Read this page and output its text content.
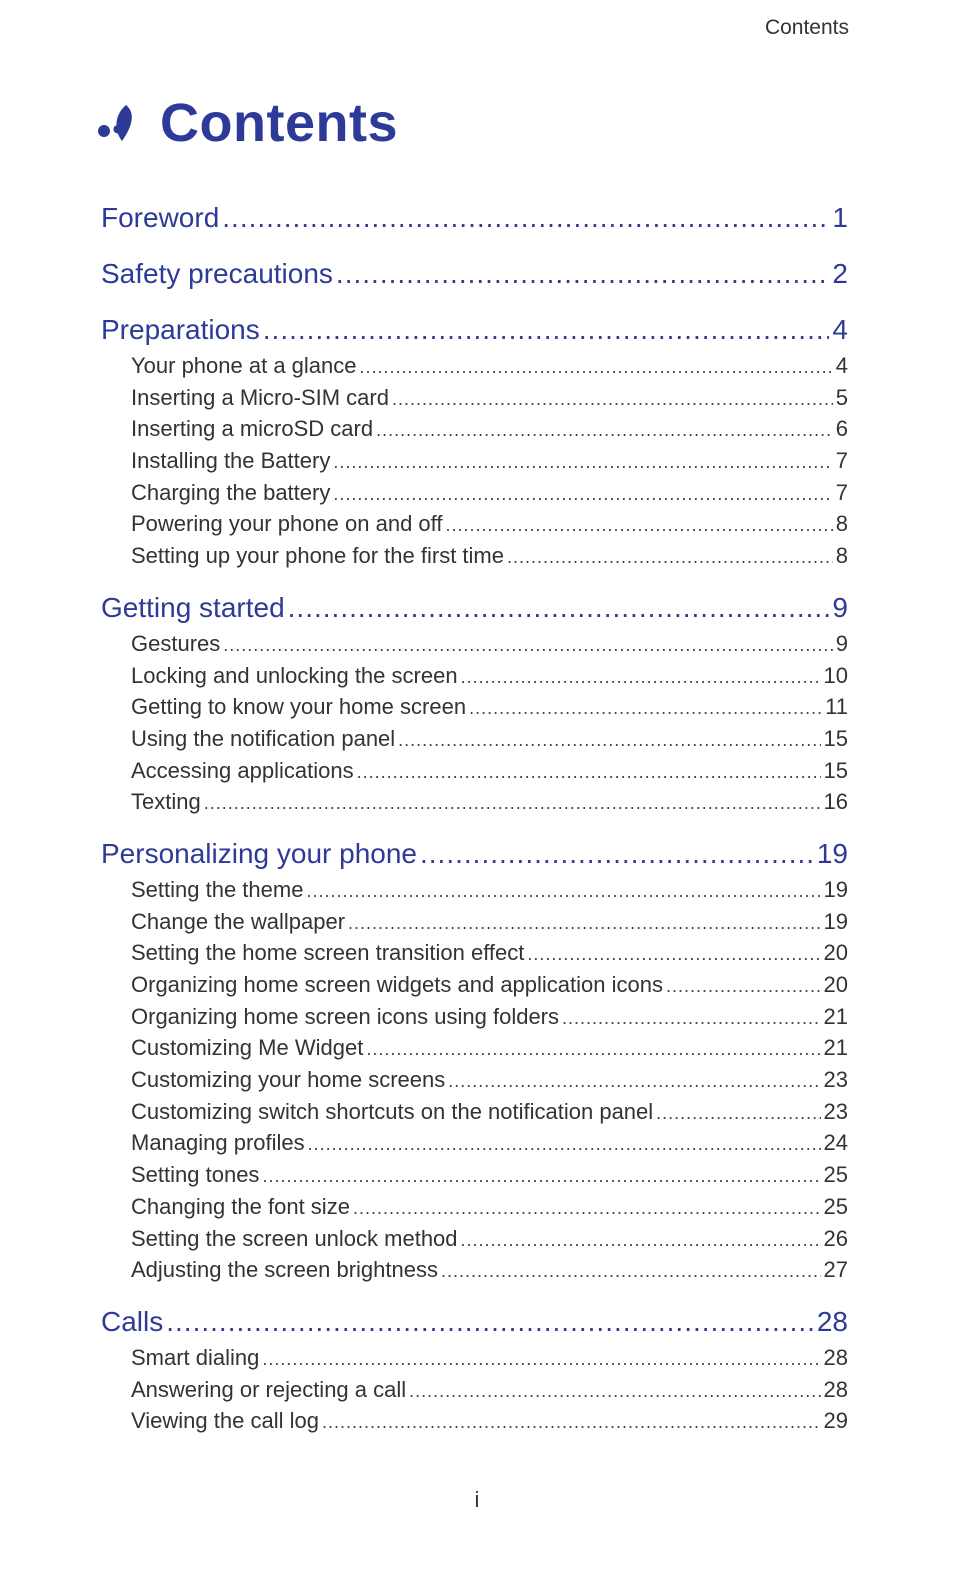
Contents
Contents
Foreword .....	1
Safety precautions .....	2
Preparations .....	4
Your phone at a glance .....	4
Inserting a Micro-SIM card .....	5
Inserting a microSD card .....	6
Installing the Battery .....	7
Charging the battery .....	7
Powering your phone on and off .....	8
Setting up your phone for the first time .....	8
Getting started .....	9
Gestures .....	9
Locking and unlocking the screen .....	10
Getting to know your home screen .....	11
Using the notification panel .....	15
Accessing applications .....	15
Texting .....	16
Personalizing your phone .....	19
Setting the theme .....	19
Change the wallpaper .....	19
Setting the home screen transition effect .....	20
Organizing home screen widgets and application icons .....	20
Organizing home screen icons using folders .....	21
Customizing Me Widget .....	21
Customizing your home screens .....	23
Customizing switch shortcuts on the notification panel .....	23
Managing profiles .....	24
Setting tones .....	25
Changing the font size .....	25
Setting the screen unlock method .....	26
Adjusting the screen brightness .....	27
Calls .....	28
Smart dialing .....	28
Answering or rejecting a call .....	28
Viewing the call log .....	29
i
